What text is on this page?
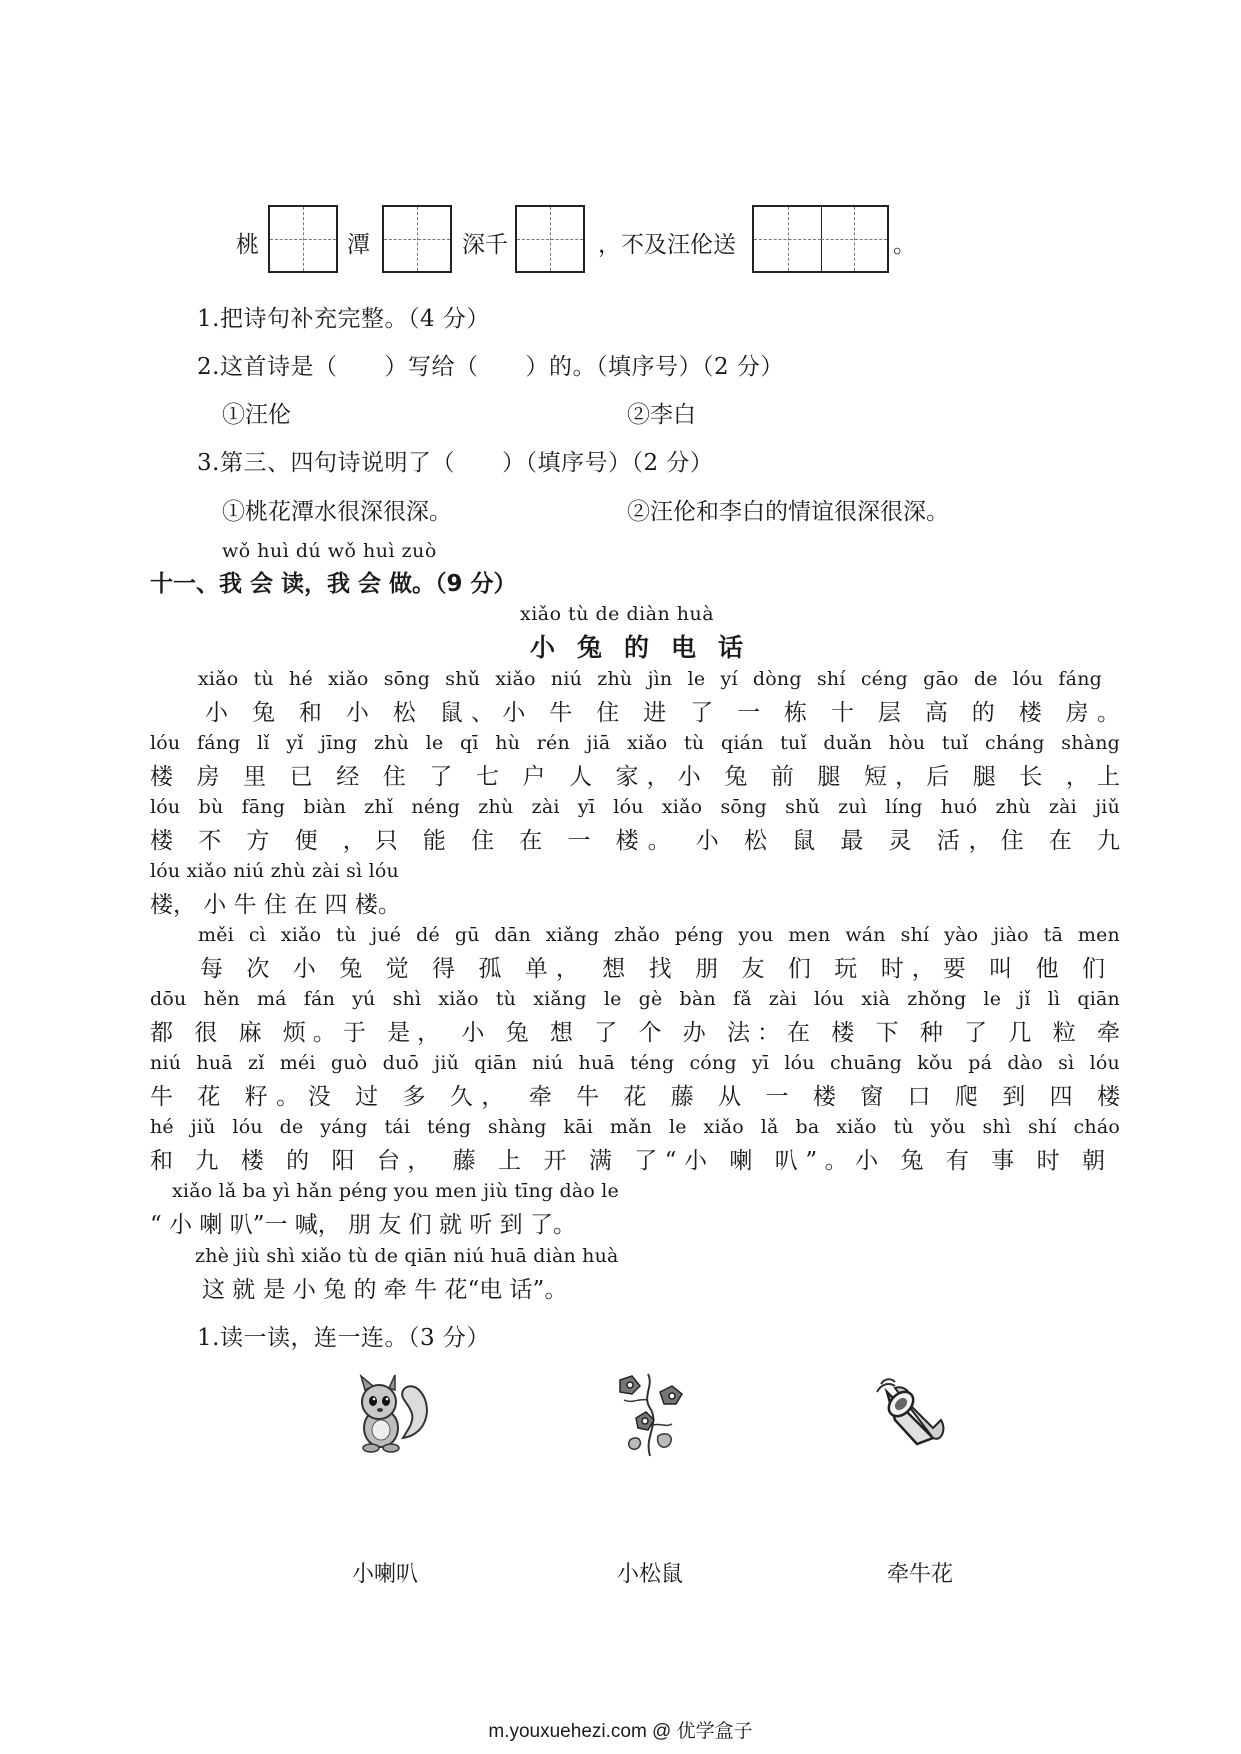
桃	潭	深千	，不及汪伦送	。
1.把诗句补充完整。（4 分）
2.这首诗是（　　）写给（　　）的。（填序号）（2 分）
①汪伦	②李白
3.第三、四句诗说明了（　　）（填序号）（2 分）
①桃花潭水很深很深。	②汪伦和李白的情谊很深很深。
wǒ huì dú wǒ huì zuò
十一、我 会 读，我 会 做。（9 分）
xiǎo tù de diàn huà
小兔的电话
xiǎo tù hé xiǎo sōng shǔ xiǎo niú zhù jìn le yí dòng shí céng gāo de lóu fáng
小 兔 和 小 松 鼠、小 牛 住 进 了 一 栋 十 层 高 的 楼 房。
lóu fáng lǐ yǐ jīng zhù le qī hù rén jiā xiǎo tù qián tuǐ duǎn hòu tuǐ cháng shàng
楼 房 里 已 经 住 了 七 户 人 家，小 兔 前 腿 短，后 腿 长 ，上
lóu bù fāng biàn zhǐ néng zhù zài yī lóu xiǎo sōng shǔ zuì líng huó zhù zài jiǔ
楼 不 方 便 ，只 能 住 在 一 楼。 小 松 鼠 最 灵 活，住 在 九
lóu xiǎo niú zhù zài sì lóu
楼， 小 牛 住 在 四 楼。
měi cì xiǎo tù jué dé gū dān xiǎng zhǎo péng you men wán shí yào jiào tā men
每 次 小 兔 觉 得 孤 单， 想 找 朋 友 们 玩 时，要 叫 他 们
dōu hěn má fán yú shì xiǎo tù xiǎng le gè bàn fǎ zài lóu xià zhǒng le jǐ lì qiān
都 很 麻 烦。于 是， 小 兔 想 了 个 办 法：在 楼 下 种 了 几 粒 牵
niú huā zǐ méi guò duō jiǔ qiān niú huā téng cóng yī lóu chuāng kǒu pá dào sì lóu
牛 花 籽。没 过 多 久， 牵 牛 花 藤 从 一 楼 窗 口 爬 到 四 楼
hé jiǔ lóu de yáng tái téng shàng kāi mǎn le xiǎo lǎ ba xiǎo tù yǒu shì shí cháo
和 九 楼 的 阳 台， 藤 上 开 满 了“小 喇 叭”。小 兔 有 事 时 朝
xiǎo lǎ ba yì hǎn péng you men jiù tīng dào le
“ 小 喇 叭”一 喊， 朋 友 们 就 听 到 了。
zhè jiù shì xiǎo tù de qiān niú huā diàn huà
这 就 是 小 兔 的 牵 牛 花“电 话”。
1.读一读，连一连。（3 分）
小喇叭	小松鼠	牵牛花
m.youxuehezi.com @ 优学盒子
